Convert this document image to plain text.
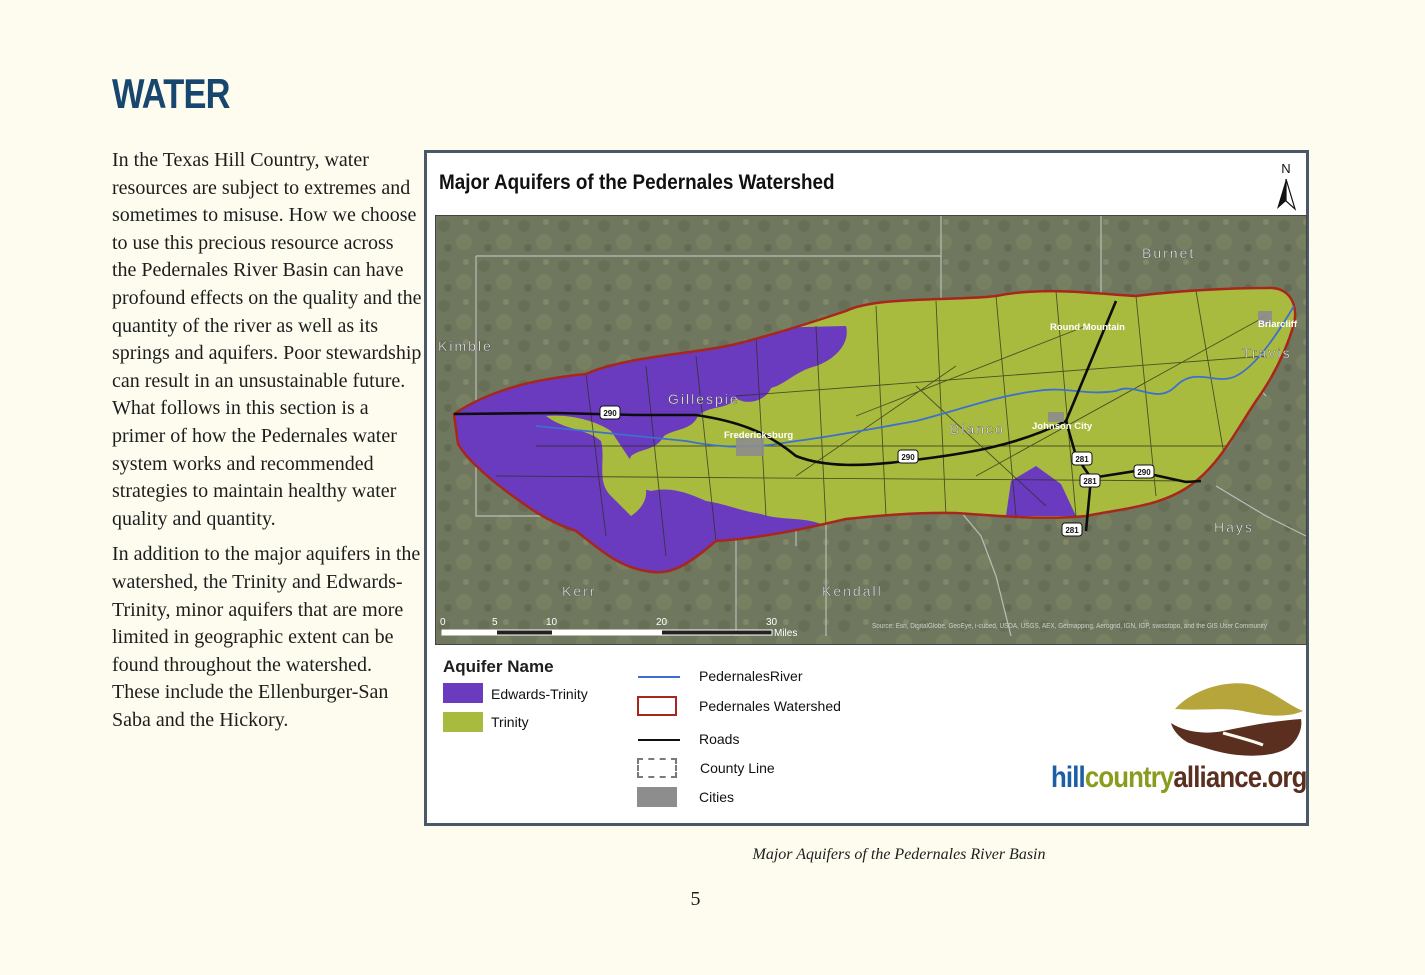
WATER

In the Texas Hill Country, water resources are subject to extremes and sometimes to misuse. How we choose to use this precious resource across the Pedernales River Basin can have profound effects on the quality and the quantity of the river as well as its springs and aquifers. Poor stewardship can result in an unsustainable future. What follows in this section is a primer of how the Pedernales water system works and recommended strategies to maintain healthy water quality and quantity.

In addition to the major aquifers in the watershed, the Trinity and Edwards-Trinity, minor aquifers that are more limited in geographic extent can be found throughout the watershed. These include the Ellenburger-San Saba and the Hickory.

Major Aquifers of the Pedernales Watershed
N
Burnet
Kimble	Travis
Gillespie
Blanco
Hays
Kerr	Kendall
Round Mountain	Briarcliff
Fredericksburg
Johnson City
290
290	281
281
290
281
0	5	10	20	30
Miles
Source: Esri, DigitalGlobe, GeoEye, i-cubed, USDA, USGS, AEX, Getmapping, Aerogrid, IGN, IGP, swisstopo, and the GIS User Community
Aquifer Name
Edwards-Trinity
Trinity
PedernalesRiver
Pedernales Watershed
Roads
County Line
Cities
hillcountryalliance.org
Major Aquifers of the Pedernales River Basin
5
